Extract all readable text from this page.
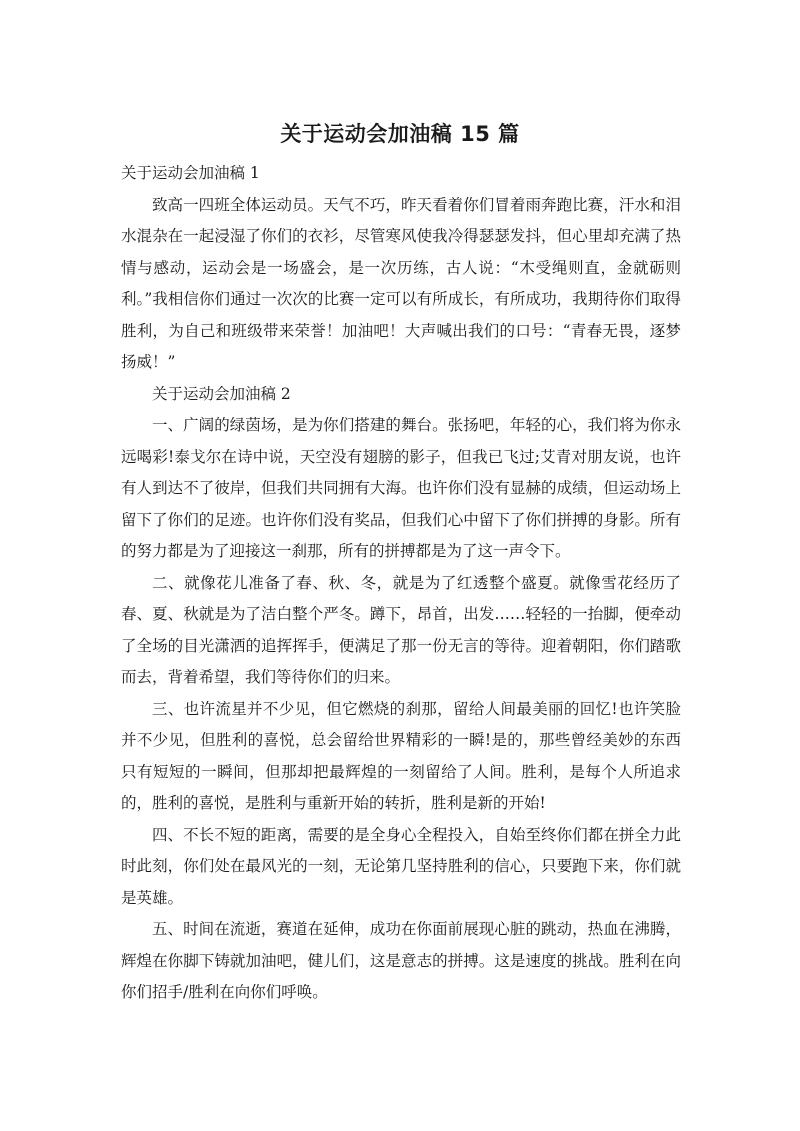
关于运动会加油稿 15 篇

关于运动会加油稿 1

致高一四班全体运动员。天气不巧，昨天看着你们冒着雨奔跑比赛，汗水和泪水混杂在一起浸湿了你们的衣衫，尽管寒风使我冷得瑟瑟发抖，但心里却充满了热情与感动，运动会是一场盛会，是一次历练，古人说：“木受绳则直，金就砺则利。”我相信你们通过一次次的比赛一定可以有所成长，有所成功，我期待你们取得胜利，为自己和班级带来荣誉！加油吧！大声喊出我们的口号：“青春无畏，逐梦扬威！”

关于运动会加油稿 2

一、广阔的绿茵场，是为你们搭建的舞台。张扬吧，年轻的心，我们将为你永远喝彩!泰戈尔在诗中说，天空没有翅膀的影子，但我已飞过;艾青对朋友说，也许有人到达不了彼岸，但我们共同拥有大海。也许你们没有显赫的成绩，但运动场上留下了你们的足迹。也许你们没有奖品，但我们心中留下了你们拼搏的身影。所有的努力都是为了迎接这一刹那，所有的拼搏都是为了这一声令下。

二、就像花儿准备了春、秋、冬，就是为了红透整个盛夏。就像雪花经历了春、夏、秋就是为了洁白整个严冬。蹲下，昂首，出发……轻轻的一抬脚，便牵动了全场的目光潇洒的追挥挥手，便满足了那一份无言的等待。迎着朝阳，你们踏歌而去，背着希望，我们等待你们的归来。

三、也许流星并不少见，但它燃烧的刹那，留给人间最美丽的回忆!也许笑脸并不少见，但胜利的喜悦，总会留给世界精彩的一瞬!是的，那些曾经美妙的东西只有短短的一瞬间，但那却把最辉煌的一刻留给了人间。胜利，是每个人所追求的，胜利的喜悦，是胜利与重新开始的转折，胜利是新的开始!

四、不长不短的距离，需要的是全身心全程投入，自始至终你们都在拼全力此时此刻，你们处在最风光的一刻，无论第几坚持胜利的信心，只要跑下来，你们就是英雄。

五、时间在流逝，赛道在延伸，成功在你面前展现心脏的跳动，热血在沸腾，辉煌在你脚下铸就加油吧，健儿们，这是意志的拼搏。这是速度的挑战。胜利在向你们招手/胜利在向你们呼唤。
